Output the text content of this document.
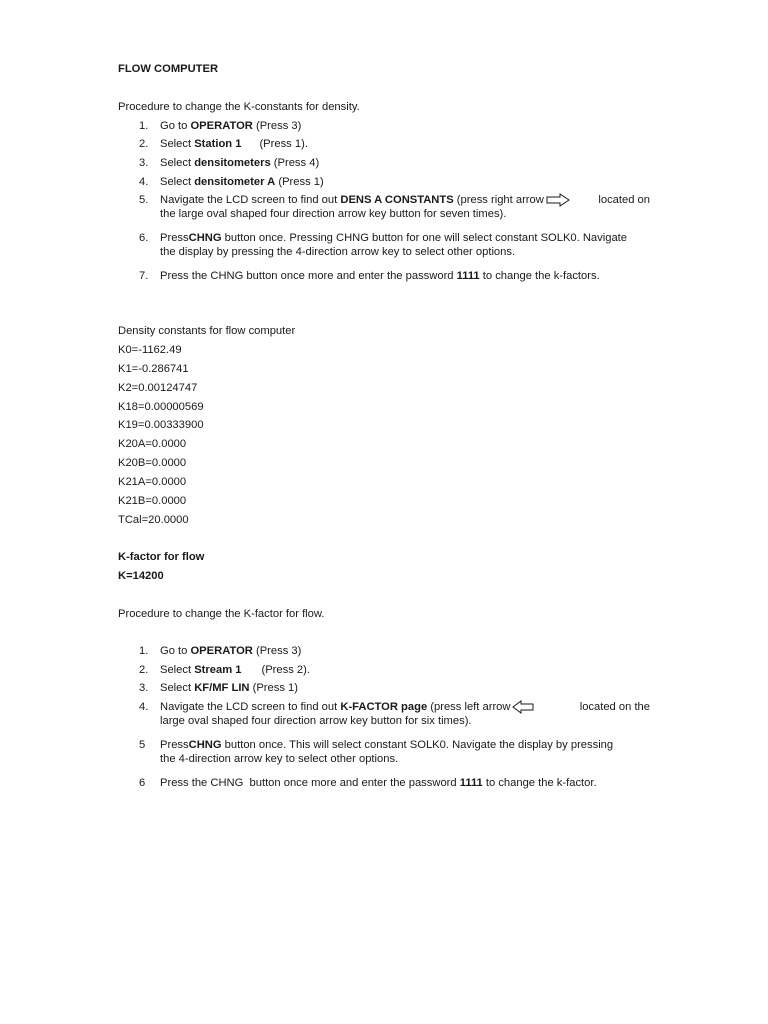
FLOW COMPUTER
Procedure to change the K-constants for density.
1. Go to OPERATOR (Press 3)
2. Select Station 1 (Press 1).
3. Select densitometers (Press 4)
4. Select densitometer A (Press 1)
5. Navigate the LCD screen to find out DENS A CONSTANTS (press right arrow	located on
the large oval shaped four direction arrow key button for seven times).
6. Press CHNG button once. Pressing CHNG button for one will select constant SOLK0. Navigate
the display by pressing the 4-direction arrow key to select other options.
7. Press the CHNG button once more and enter the password 1111 to change the k-factors.
Density constants for flow computer
K0=-1162.49
K1=-0.286741
K2=0.00124747
K18=0.00000569
K19=0.00333900
K20A=0.0000
K20B=0.0000
K21A=0.0000
K21B=0.0000
TCal=20.0000
K-factor for flow
K=14200
Procedure to change the K-factor for flow.
1. Go to OPERATOR (Press 3)
2. Select Stream 1 (Press 2).
3. Select KF/MF LIN (Press 1)
4. Navigate the LCD screen to find out K-FACTOR page (press left arrow	located on the
large oval shaped four direction arrow key button for six times).
5 Press CHNG button once. This will select constant SOLK0. Navigate the display by pressing
the 4-direction arrow key to select other options.
6 Press the CHNG  button once more and enter the password 1111 to change the k-factor.
